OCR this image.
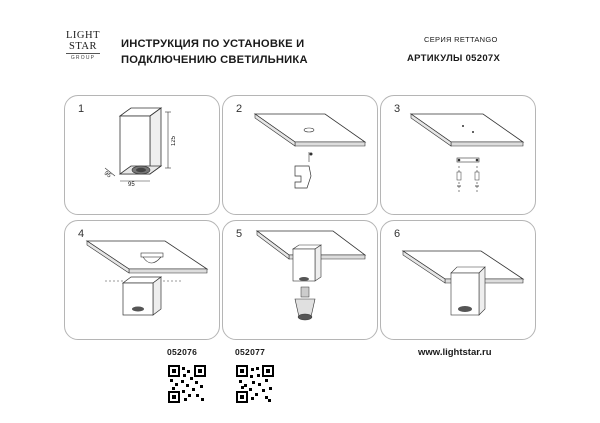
LIGHT
STAR
GROUP
ИНСТРУКЦИЯ ПО УСТАНОВКЕ И
ПОДКЛЮЧЕНИЮ СВЕТИЛЬНИКА
СЕРИЯ RETTANGO
АРТИКУЛЫ 05207X
1
125
95
95
2	3
4	5	6
052076	052077	www.lightstar.ru
